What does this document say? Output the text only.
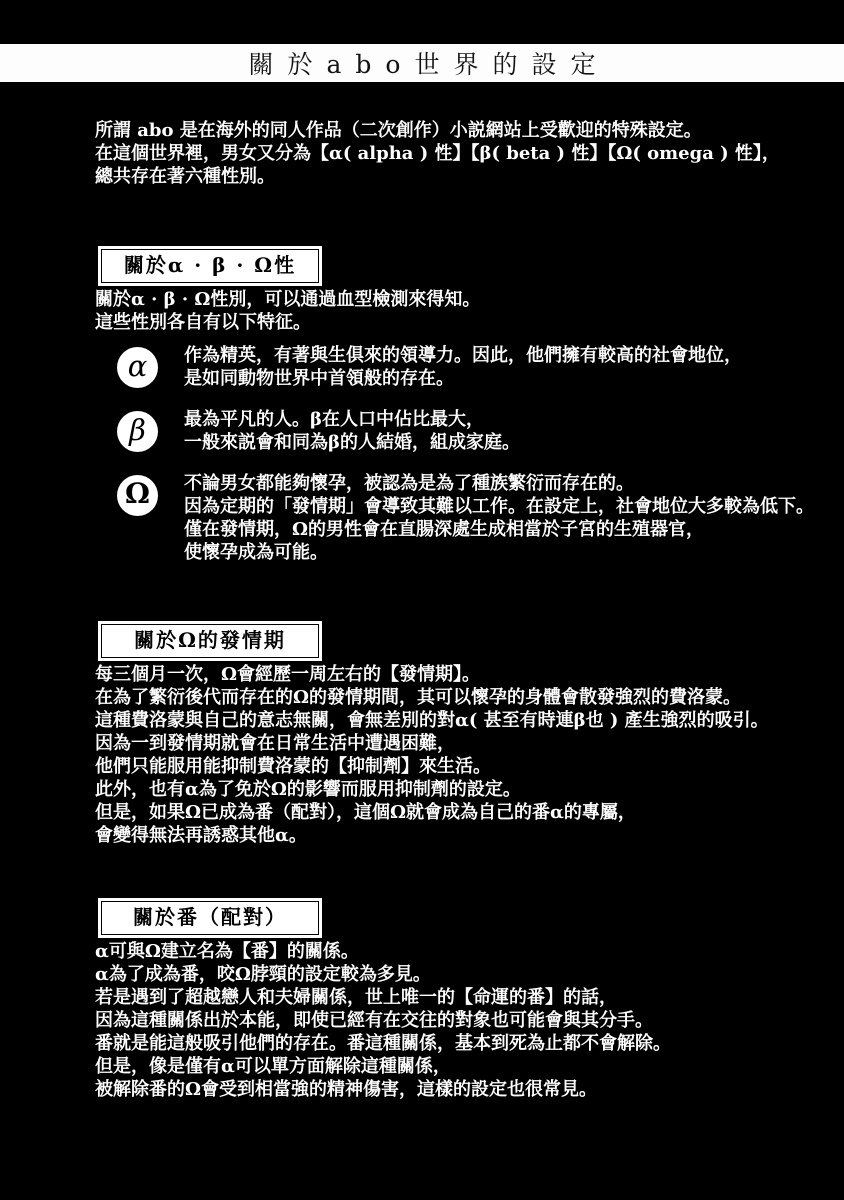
關於abo世界的設定
所謂 abo 是在海外的同人作品（二次創作）小説網站上受歡迎的特殊設定。
在這個世界裡，男女又分為【α( alpha ) 性】【β( beta ) 性】【Ω( omega ) 性】，
總共存在著六種性別。
關於α · β · Ω性
關於α · β · Ω性別，可以通過血型檢測來得知。
這些性別各自有以下特征。
α	作為精英，有著與生俱來的領導力。因此，他們擁有較高的社會地位，
是如同動物世界中首領般的存在。
β	最為平凡的人。β在人口中佔比最大，
一般來説會和同為β的人結婚，組成家庭。
Ω	不論男女都能夠懷孕，被認為是為了種族繁衍而存在的。
因為定期的「發情期」會導致其難以工作。在設定上，社會地位大多較為低下。
僅在發情期，Ω的男性會在直腸深處生成相當於子宮的生殖器官，
使懷孕成為可能。
關於Ω的發情期
每三個月一次，Ω會經歷一周左右的【發情期】。
在為了繁衍後代而存在的Ω的發情期間，其可以懷孕的身體會散發強烈的費洛蒙。
這種費洛蒙與自己的意志無關，會無差別的對α( 甚至有時連β也 ) 產生強烈的吸引。
因為一到發情期就會在日常生活中遭遇困難，
他們只能服用能抑制費洛蒙的【抑制劑】來生活。
此外，也有α為了免於Ω的影響而服用抑制劑的設定。
但是，如果Ω已成為番（配對），這個Ω就會成為自己的番α的專屬，
會變得無法再誘惑其他α。
關於番（配對）
α可與Ω建立名為【番】的關係。
α為了成為番，咬Ω脖頸的設定較為多見。
若是遇到了超越戀人和夫婦關係，世上唯一的【命運的番】的話，
因為這種關係出於本能，即使已經有在交往的對象也可能會與其分手。
番就是能這般吸引他們的存在。番這種關係，基本到死為止都不會解除。
但是，像是僅有α可以單方面解除這種關係，
被解除番的Ω會受到相當強的精神傷害，這樣的設定也很常見。
